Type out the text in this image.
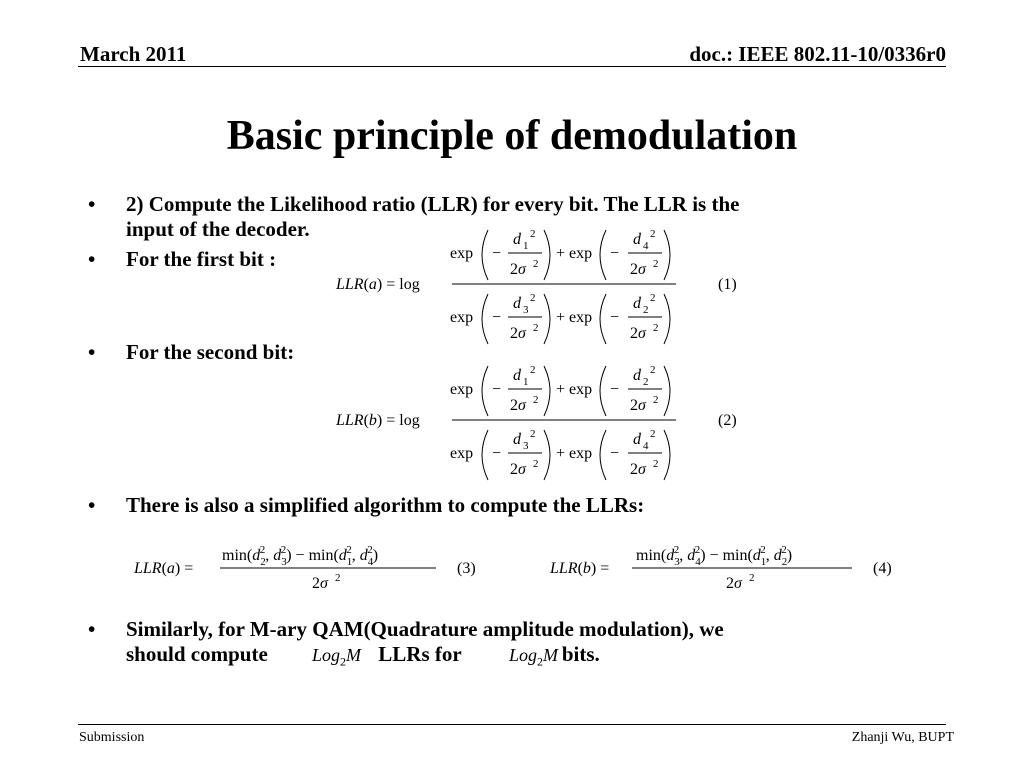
March 2011	doc.: IEEE 802.11-10/0336r0
Basic principle of demodulation
• 2) Compute the Likelihood ratio (LLR) for every bit. The LLR is the
input of the decoder.
• For the first bit :
LLR(a) = log
exp −
d 1
2
2σ 2
+ exp −
d 4
2
2σ 2
exp −
d 3
2
2σ 2
+ exp −
d 2
2
2σ 2
(1)
• For the second bit:
LLR(b) = log
exp −
d 1
2
2σ 2
+ exp −
d 2
2
2σ 2
exp −
d 3
2
2σ 2
+ exp −
d 4
2
2σ 2
(2)
• There is also a simplified algorithm to compute the LLRs:
LLR(a) =
$\min(d_22$, $d_32) - \min(d_12$, $d_42$)
2σ 2
(3)	LLR(b) =
$\min(d_32$, $d_42) - \min(d_12$, $d_22$)
2σ 2
(4)
• Similarly, for M-ary QAM(Quadrature amplitude modulation), we
should compute	LLRs for	bits.
Log$_2$M	Log$_2$M
Submission	Zhanji Wu, BUPT
